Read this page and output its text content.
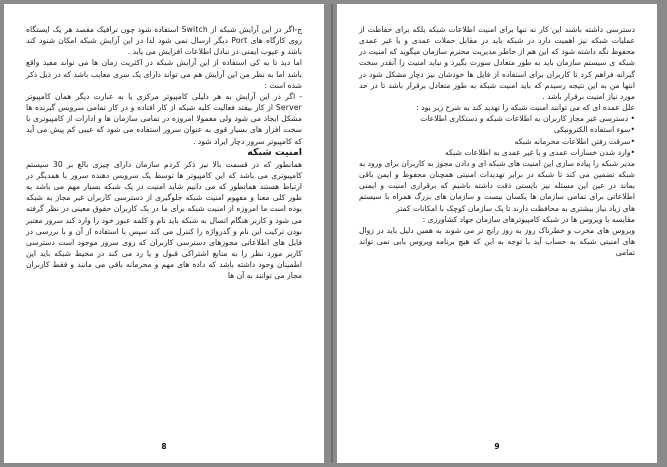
ج-اگر در این آرایش شبکه از Switch استفاده شود چون ترافیک مقصد هر یک ایستگاه روی کارگاه های Port دیگر ارسال نمی شود لذا در این آرایش شبکه امکان شنود کند باشد و عیوب ایمنی در تبادل اطلاعات افزایش می یابد .

اما دید تا به کی استفاده از این آرایش شبکه در اکثریت زمان ها می تواند مفید واقع باشد اما به نظر من این آرایش هم می تواند دارای یک سری معایب باشد که در ذیل ذکر شده است :

- اگر در این آرایش به هر دلیلی کامپیوتر مرکزی یا به عبارت دیگر همان کامپیوتر Server از کار بیفتد فعالیت کلیه شبکه از کار افتاده و در کار تمامی سرویس گیرنده ها مشکل ایجاد می شود ولی معمولا امروزه در تمامی سازمان ها و ادارات از کامپیوتری با سخت افزار های بسیار قوی به عنوان سرور استفاده می شود که عیبی کم پیش می آید که کامپیوتر سرور دچار ایراد شود .

امنیت شبکه

همانطور که در قسمت بالا نیز ذکر کردم سازمان دارای چیزی بالغ بر 30 سیستم کامپیوتری می باشد که این کامپیوتر ها توسط یک سرویس دهنده سرور با همدیگر در ارتباط هستند همانطور که می دانیم شاید امنیت در یک شبکه بسیار مهم می باشد به طور کلی معنا و مفهوم امنیت شبکه جلوگیری از دسترسی کاربران غیر مجاز به شبکه بوده است ما امروزه از امنیت شبکه برای ما در یک کاربران حقوق معینی در نظر گرفته می شود و کاربر هنگام اتصال به شبکه باید نام و کلمه عبور خود را وارد کند سرور معتبر بودن ترکیب این نام و گذرواژه را کنترل می کند سپس با استفاده از آن و با بررسی در فایل های اطلاعاتی مجوزهای دسترسی کاربران که روی سرور موجود است دسترسی کاربر مورد نظر را به منابع اشتراکی قبول و یا رد می کند در محیط شبکه باید این اطمینان وجود داشته باشد که داده های مهم و محرمانه باقی می مانند و فقط کاربران مجاز می توانند به آن ها

8

دسترسی داشته باشند این کار نه تنها برای امنیت اطلاعات شبکه بلکه برای حفاظت از عملیات شبکه نیز اهمیت دارد در شبکه باید در مقابل حملات عمدی و یا غیر عمدی محفوظ نگه داشته شود که این هم از خاطر مدیریت محترم سازمان میگوید که امنیت در شبکه ی سیستم سازمان باید به طور متعادل سورت بگیرد و نباید امنیت را آنقدر سخت گیرانه فراهم کرد تا کاربران برای استفاده از فایل ها خودشان نیز دچار مشکل شود در انتها من به این نتیجه رسیدم که باید امنیت شبکه به طور متعادل برقرار باشد تا در حد مورد نیاز امنیت برقرار باشد .

علل عمده ای که می توانند امنیت شبکه را تهدید کند به شرح زیر بود :

• دسترسی غیر مجاز کاربران به اطلاعات شبکه و دستکاری اطلاعات

•سوء استفاده الکترونیکی

•سرقت رفتن اطلاعات محرمانه شبکه

•وارد شدن خسارات عمدی و یا غیر عمدی به اطلاعات شبکه

مدیر شبکه را پیاده سازی این امنیت های شبکه ای و دادن مجوز به کاربران برای ورود به شبکه تضمین می کند تا شبکه در برابر تهدیدات امنیتی همچنان محفوظ و ایمن باقی بماند در عین این مسئله نیز بایستی دقت داشته باشیم که برقراری امنیت و ایمنی اطلاعاتی برای تمامی سازمان ها یکسان نیست و سازمان های بزرگ همراه با سیستم های زیاد نیاز بیشتری به محافظت دارند تا یک سازمان کوچک با امکانات کمتر

مقایسه با ویروس ها در شبکه کامپیوترهای سازمان جهاد کشاورزی :

ویروس های مخرب و خطرناک روز به روز رایج تر می شوند به همین دلیل باید در زوال های امنیتی شبکه به حساب آید با توجه به این که هیچ برنامه ویروس یابی نمی تواند تمامی

9
